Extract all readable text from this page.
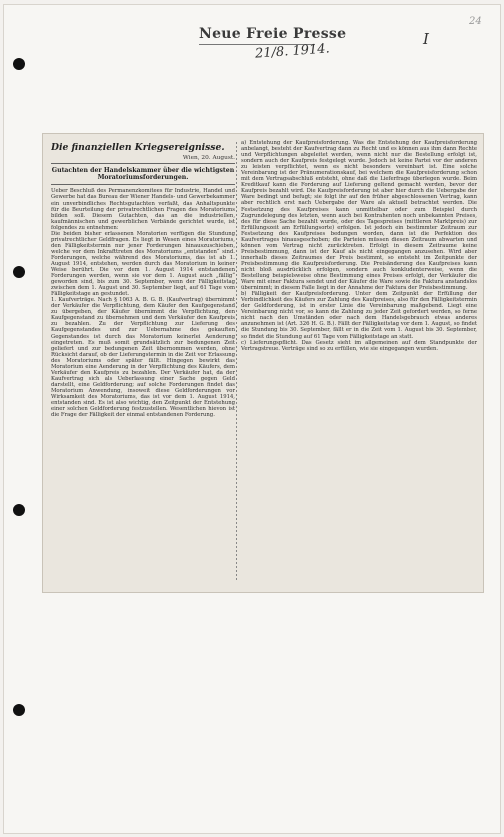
Neue Freie Presse
21/8. 1914.
I
24
Die finanziellen Kriegsereignisse.
Wien, 20. August.
Gutachten der Handelskammer über die wichtigsten Moratoriumsforderungen.

Ueber Beschluß des Permanenzkomitees für Industrie, Handel und Gewerbe hat das Bureau der Wiener Handels- und Gewerbekammer ein unverbindliches Rechtsgutachten verfaßt, das Anhaltspunkte für die Beurteilung der privatrechtlichen Fragen des Moratoriums bilden soll. Diesem Gutachten, das an die industriellen, kaufmännischen und gewerblichen Verbände gerichtet wurde, ist folgendes zu entnehmen:
Die beiden bisher erlassenen Moratorien verfügen die Stundung privatrechtlicher Geldfragen. Es liegt in Wesen eines Moratoriums, den Fälligkeitstermin nur jener Forderungen hinauszuschieben, welche vor dem Inkrafttreten des Moratoriums „entstanden“ sind. Forderungen, welche während des Moratoriums, das ist ab 1. August 1914, entstehen, werden durch das Moratorium in keiner Weise berührt. Die vor dem 1. August 1914 entstandenen Forderungen werden, wenn sie vor dem 1. August auch „fällig“ geworden sind, bis zum 30. September, wenn der Fälligkeitstag zwischen dem 1. August und 30. September liegt, auf 61 Tage vom Fälligkeitstage an gestundet.
1. Kaufverträge. Nach § 1063 A. B. G. B. (Kaufvertrag) übernimmt der Verkäufer die Verpflichtung, dem Käufer den Kaufgegenstand zu übergeben, der Käufer übernimmt die Verpflichtung, den Kaufgegenstand zu übernehmen und dem Verkäufer den Kaufpreis zu bezahlen. Zu der Verpflichtung zur Lieferung des Kaufgegenstandes und zur Uebernahme des gekauften Gegenstandes ist durch das Moratorium keinerlei Aenderung eingetreten. Es muß somit grundsätzlich zur bedungenen Zeit geliefert und zur bedungenen Zeit übernommen werden, ohne Rücksicht darauf, ob der Lieferungstermin in die Zeit vor Erlassung des Moratoriums oder später fällt. Hingegen bewirkt das Moratorium eine Aenderung in der Verpflichtung des Käufers, dem Verkäufer den Kaufpreis zu bezahlen. Der Verkäufer hat, da der Kaufvertrag sich als Ueberlassung einer Sache gegen Geld darstellt, eine Geldforderung; auf solche Forderungen findet das Moratorium Anwendung, insoweit diese Geldforderungen vor Wirksamkeit des Moratoriums, das ist vor dem 1. August 1914, entstanden sind. Es ist also wichtig, den Zeitpunkt der Entstehung einer solchen Geldforderung festzustellen. Wesentlichen hievon ist die Frage der Fälligkeit der einmal entstandenen Forderung.

a) Entstehung der Kaufpreisforderung. Was die Entstehung der Kaufpreisforderung anbelangt, besteht der Kaufvertrag dann zu Recht und es können aus ihm dann Rechte und Verpflichtungen abgeleitet werden, wenn nicht nur die Bestellung erfolgt ist, sondern auch der Kaufpreis festgelegt wurde. Jedoch ist keine Partei vor der anderen zu leisten verpflichtet, wenn es nicht besonders vereinbart ist. Eine solche Vereinbarung ist der Pränumerationskauf, bei welchem die Kaufpreisforderung schon mit dem Vertragsabschluß entsteht, ohne daß die Lieferfrage überlegen wurde. Beim Kreditkauf kann die Forderung auf Lieferung geltend gemacht werden, bevor der Kaufpreis bezahlt wird. Die Kaufpreisforderung ist aber hier durch die Uebergabe der Ware bedingt und befugt; sie folgt ihr auf den früher abgeschlossenen Vertrag, kann aber rechtlich erst nach Uebergabe der Ware als aktuell betrachtet werden. Die Festsetzung des Kaufpreises kann unmittelbar oder zum Beispiel durch Zugrundelegung des letzten, wenn auch bei Kontrahenten noch unbekannten Preises, des für diese Sache bezahlt wurde, oder des Tagespreises (mittleren Marktpreis) zur Erfüllungszeit am Erfüllungsorte) erfolgen. Ist jedoch ein bestimmter Zeitraum zur Festsetzung des Kaufpreises bedungen worden, dann ist die Perfektion des Kaufvertrages hinausgeschoben; die Parteien müssen diesen Zeitraum abwarten und können vom Vertrag nicht zurücktreten. Erfolgt in diesem Zeitraume keine Preisbestimmung, dann ist der Kauf als nicht eingegangen anzusehen. Wird aber innerhalb dieses Zeitraumes der Preis bestimmt, so entsteht im Zeitpunkte der Preisbestimmung die Kaufpreisforderung. Die Preisänderung des Kaufpreises kann nicht bloß ausdrücklich erfolgen, sondern auch konkludenterweise, wenn die Bestellung beispielsweise ohne Bestimmung eines Preises erfolgt, der Verkäufer die Ware mit einer Faktura sendet und der Käufer die Ware sowie die Faktura anstandslos übernimmt; in diesem Falle liegt in der Annahme der Faktura der Preisbestimmung.
b) Fälligkeit der Kaufpreisforderung. Unter dem Zeitpunkt der Erfüllung der Verbindlichkeit des Käufers zur Zahlung des Kaufpreises, also für den Fälligkeitstermin der Geldforderung, ist in erster Linie die Vereinbarung maßgebend. Liegt eine Vereinbarung nicht vor, so kann die Zahlung zu jeder Zeit gefordert werden, so ferne nicht nach den Umständen oder nach dem Handelsgebrauch etwas anderes anzunehmen ist (Art. 326 H. G. B.). Fällt der Fälligkeitstag vor dem 1. August, so findet die Stundung bis 30. September, fällt er in die Zeit vom 1. August bis 30. September, so findet die Stundung auf 61 Tage vom Fälligkeitstage an statt.
c) Lieferungspflicht. Das Gesetz sieht im allgemeinen auf dem Standpunkte der Vertragstreue. Verträge sind so zu erfüllen, wie sie eingegangen wurden.
